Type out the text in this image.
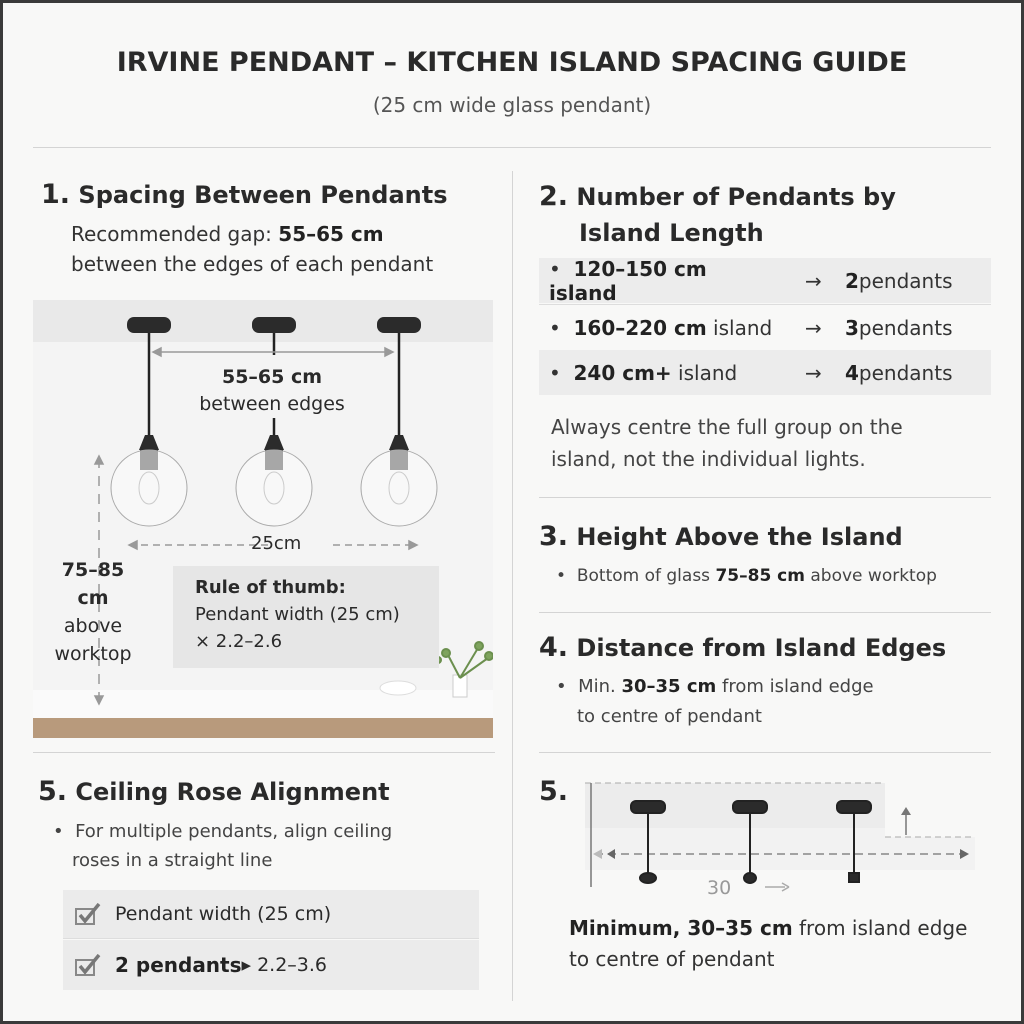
IRVINE PENDANT – KITCHEN ISLAND SPACING GUIDE
(25 cm wide glass pendant)
1. Spacing Between Pendants
Recommended gap: 55–65 cm
between the edges of each pendant
55–65 cm
between edges
25cm
75–85 cm
above
worktop
Rule of thumb:
Pendant width (25 cm)
× 2.2–2.6
5. Ceiling Rose Alignment
• For multiple pendants, align ceiling
roses in a straight line
Pendant width (25 cm)
2 pendants ▸ 2.2–3.6
2. Number of Pendants by
Island Length
• 120–150 cm island	→	2 pendants
• 160–220 cm island	→	3 pendants
• 240 cm+ island	→	4 pendants
Always centre the full group on the
island, not the individual lights.
3. Height Above the Island
• Bottom of glass 75–85 cm above worktop
4. Distance from Island Edges
• Min. 30–35 cm from island edge
to centre of pendant
5.
30
Minimum, 30–35 cm from island edge
to centre of pendant
